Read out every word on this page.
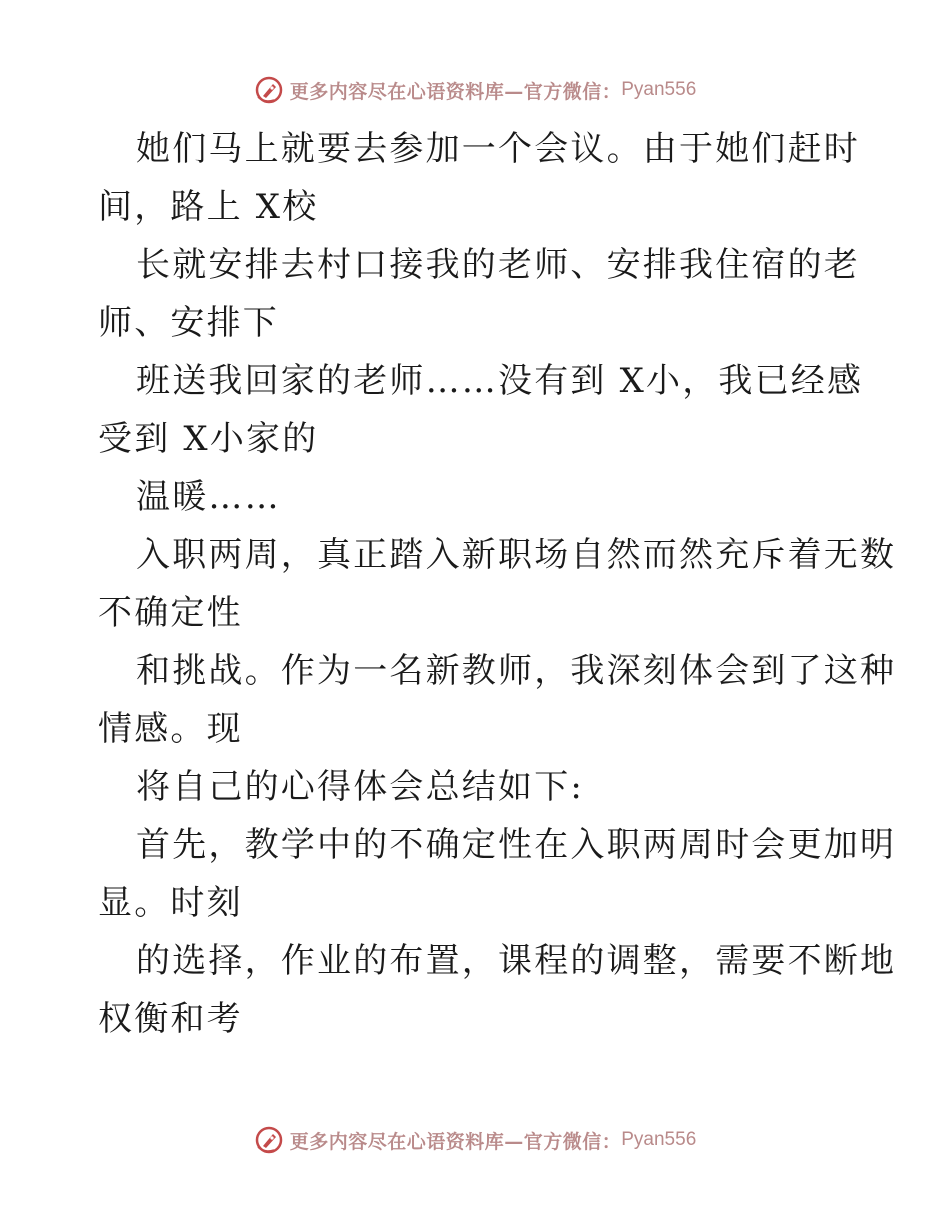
更多内容尽在心语资料库—官方微信： Pyan556
她们马上就要去参加一个会议。由于她们赶时
间，路上 X校
长就安排去村口接我的老师、安排我住宿的老
师、安排下
班送我回家的老师……没有到 X小，我已经感
受到 X小家的
温暖……
入职两周，真正踏入新职场自然而然充斥着无数
不确定性
和挑战。作为一名新教师，我深刻体会到了这种
情感。现
将自己的心得体会总结如下:
首先，教学中的不确定性在入职两周时会更加明
显。时刻
的选择，作业的布置，课程的调整，需要不断地
权衡和考
更多内容尽在心语资料库—官方微信： Pyan556
